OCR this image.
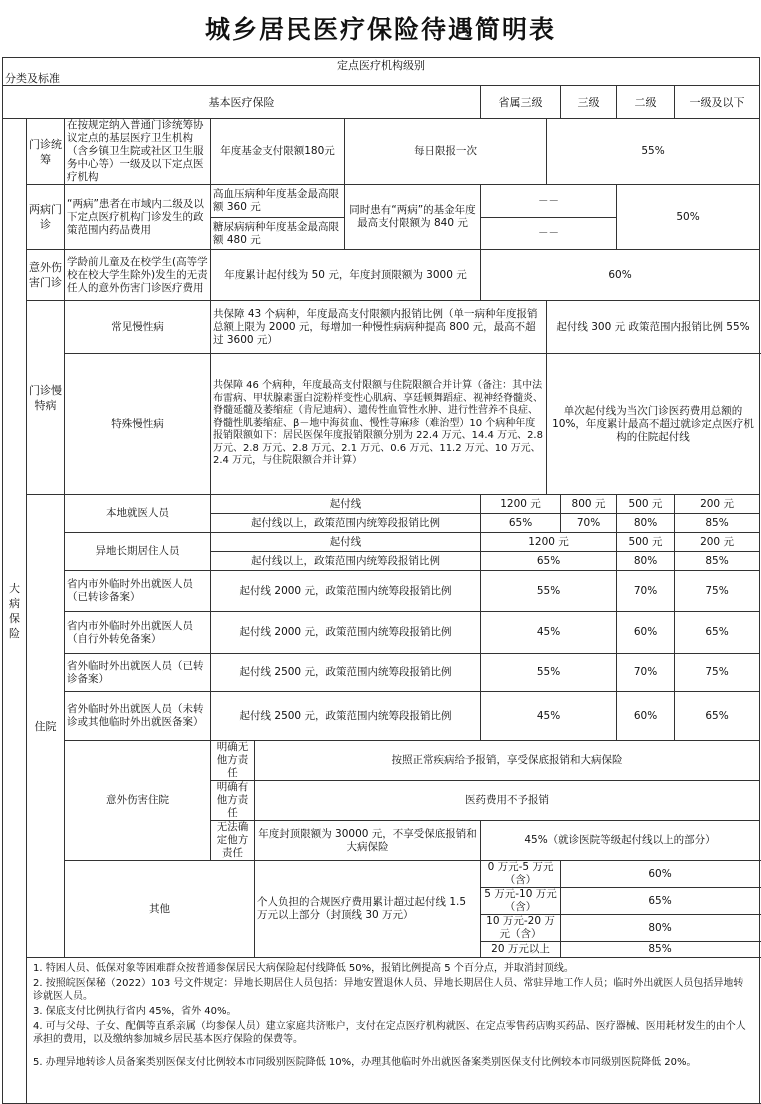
城乡居民医疗保险待遇简明表
定点医疗机构级别
分类及标准										

基本医疗保险						省属三级		三级	二级	一级及以下
大病保险	门诊统筹	在按规定纳入普通门诊统筹协议定点的基层医疗卫生机构（含乡镇卫生院或社区卫生服务中心等）一级及以下定点医疗机构	年度基金支付限额180元		每日限报一次		55%			
	两病门诊	“两病”患者在市域内二级及以下定点医疗机构门诊发生的政策范围内药品费用	高血压病种年度基金最高限额 360 元		同时患有“两病”的基金年度最高支付限额为 840 元	－－			50%	
			糖尿病病种年度基金最高限额 480 元			－－				
	意外伤害门诊	学龄前儿童及在校学生(高等学校在校大学生除外)发生的无责任人的意外伤害门诊医疗费用	年度累计起付线为 50 元，年度封顶限额为 3000 元			60%				
	门诊慢特病	常见慢性病	共保障 43 个病种，年度最高支付限额内报销比例（单一病种年度报销总额上限为 2000 元，每增加一种慢性病病种提高 800 元，最高不超过 3600 元）				起付线 300 元 政策范围内报销比例 55%			
		特殊慢性病	共保障 46 个病种，年度最高支付限额与住院限额合并计算（备注：其中法布雷病、甲状腺素蛋白淀粉样变性心肌病、享廷顿舞蹈症、视神经脊髓炎、脊髓延髓及萎缩症（肯尼迪病）、遗传性血管性水肿、进行性营养不良症、脊髓性肌萎缩症、β－地中海贫血、慢性荨麻疹（难治型）10 个病种年度报销限额如下：居民医保年度报销限额分别为 22.4 万元、14.4 万元、2.8 万元、2.8 万元、2.8 万元、2.1 万元、0.6 万元、11.2 万元、10 万元、2.4 万元，与住院限额合并计算）				单次起付线为当次门诊医药费用总额的 10%，年度累计最高不超过就诊定点医疗机构的住院起付线			
	住院	本地就医人员	起付线			1200 元		800 元	500 元	200 元
			起付线以上，政策范围内统筹段报销比例			65%		70%	80%	85%
		异地长期居住人员	起付线			1200 元			500 元	200 元
			起付线以上，政策范围内统筹段报销比例			65%			80%	85%
		省内市外临时外出就医人员（已转诊备案）	起付线 2000 元，政策范围内统筹段报销比例			55%			70%	75%
		省内市外临时外出就医人员（自行外转免备案）	起付线 2000 元，政策范围内统筹段报销比例			45%			60%	65%
		省外临时外出就医人员（已转诊备案）	起付线 2500 元，政策范围内统筹段报销比例			55%			70%	75%
		省外临时外出就医人员（未转诊或其他临时外出就医备案）	起付线 2500 元，政策范围内统筹段报销比例			45%			60%	65%
		意外伤害住院	明确无他方责任	按照正常疾病给予报销，享受保底报销和大病保险						
			明确有他方责任	医药费用不予报销						
			无法确定他方责任	年度封顶限额为 30000 元，不享受保底报销和大病保险		45%（就诊医院等级起付线以上的部分）				
		其他		个人负担的合规医疗费用累计超过起付线 1.5 万元以上部分（封顶线 30 万元）		0 万元-5 万元（含）		60%		
						5 万元-10 万元（含）		65%		
						10 万元-20 万元（含）		80%		
						20 万元以上		85%		

	1. 特困人员、低保对象等困难群众按普通参保居民大病保险起付线降低 50%，报销比例提高 5 个百分点，并取消封顶线。
2. 按照皖医保秘（2022）103 号文件规定：异地长期居住人员包括：异地安置退休人员、异地长期居住人员、常驻异地工作人员；临时外出就医人员包括异地转诊就医人员。
3. 保底支付比例执行省内 45%，省外 40%。
4. 可与父母、子女、配偶等直系亲属（均参保人员）建立家庭共济账户，支付在定点医疗机构就医、在定点零售药店购买药品、医疗器械、医用耗材发生的由个人承担的费用，以及缴纳参加城乡居民基本医疗保险的保费等。
5. 办理异地转诊人员备案类别医保支付比例较本市同级别医院降低 10%，办理其他临时外出就医备案类别医保支付比例较本市同级别医院降低 20%。									
